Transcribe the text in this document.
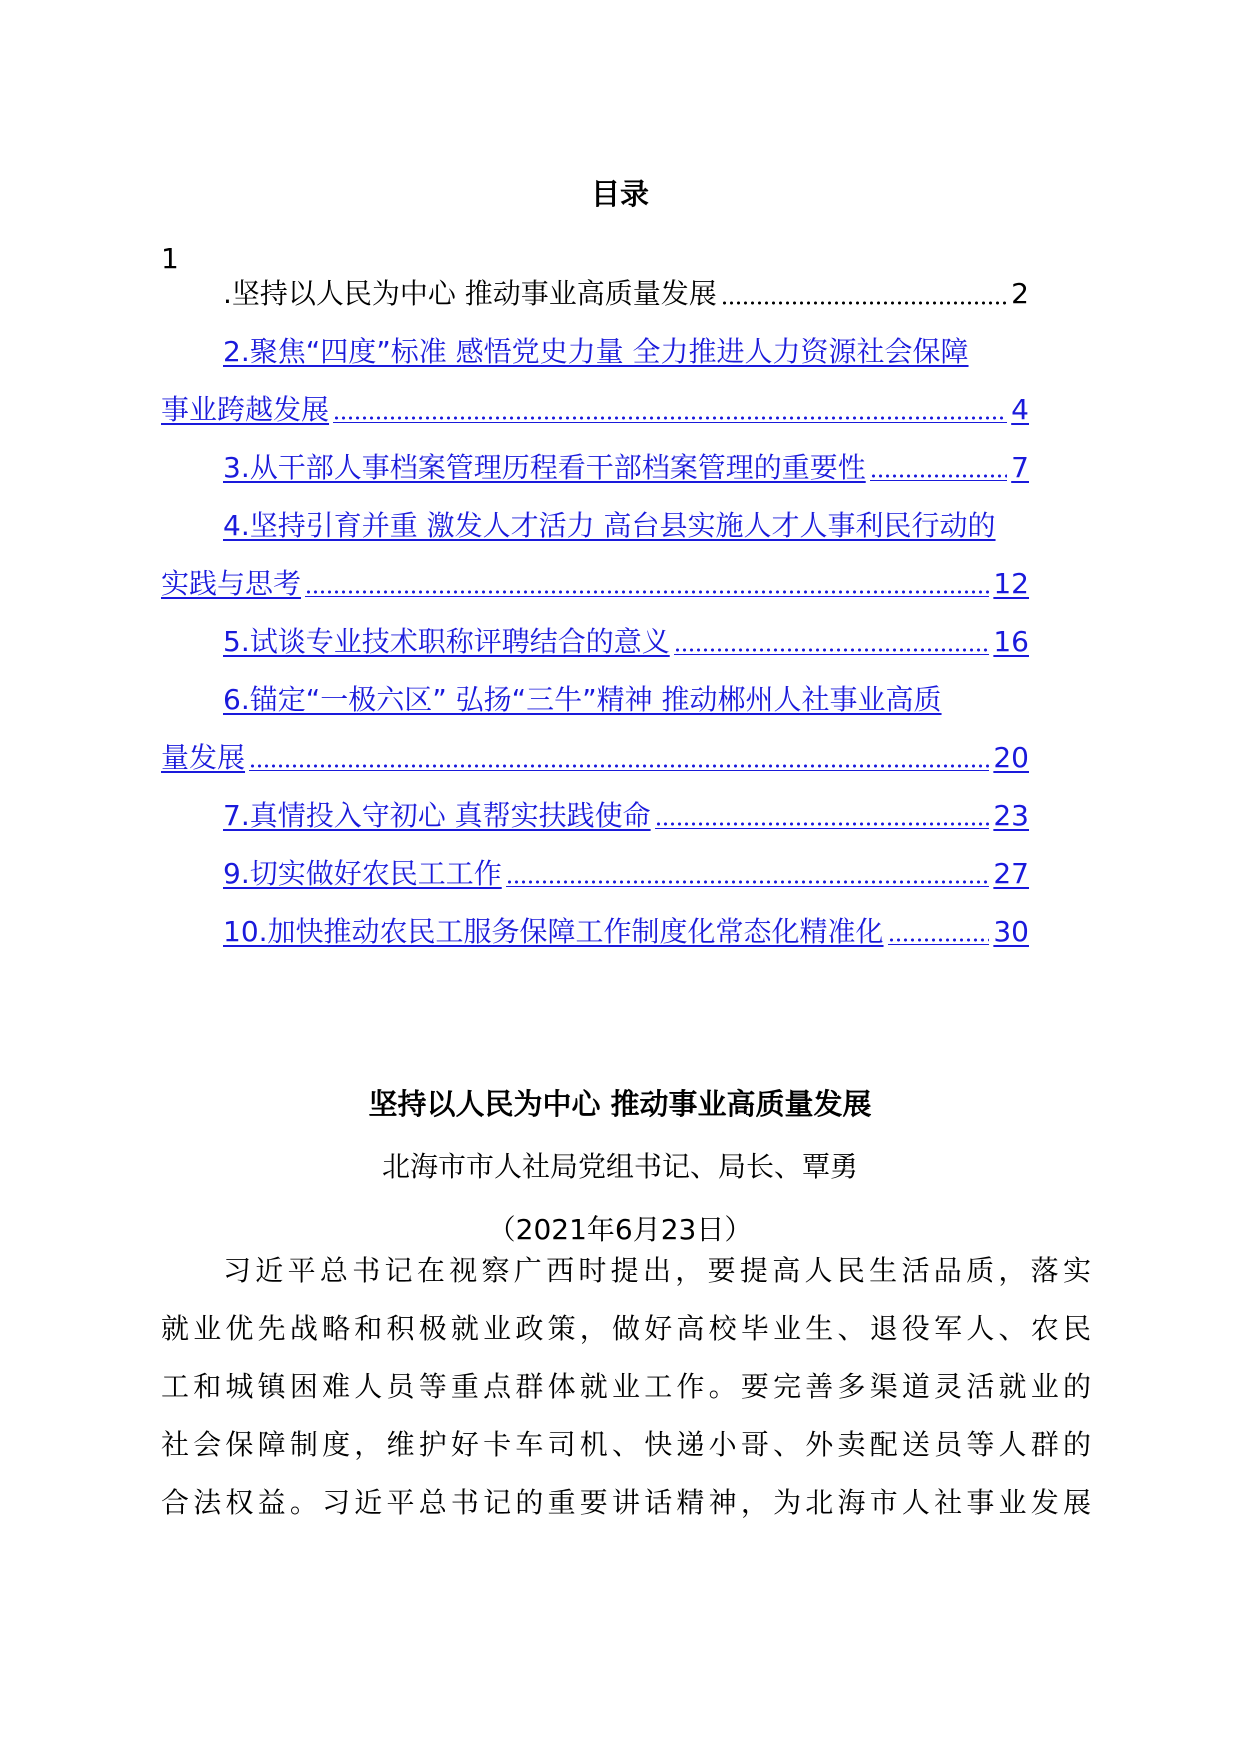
目录
1
.坚持以人民为中心 推动事业高质量发展	2
2.聚焦“四度”标准 感悟党史力量 全力推进人力资源社会保障
事业跨越发展	4
3.从干部人事档案管理历程看干部档案管理的重要性	7
4.坚持引育并重 激发人才活力 高台县实施人才人事利民行动的
实践与思考	12
5.试谈专业技术职称评聘结合的意义	16
6.锚定“一极六区” 弘扬“三牛”精神 推动郴州人社事业高质
量发展	20
7.真情投入守初心 真帮实扶践使命	23
9.切实做好农民工工作	27
10.加快推动农民工服务保障工作制度化常态化精准化	30
坚持以人民为中心 推动事业高质量发展
北海市市人社局党组书记、局长、覃勇
（2021年6月23日）
习近平总书记在视察广西时提出，要提高人民生活品质，落实
就业优先战略和积极就业政策，做好高校毕业生、退役军人、农民
工和城镇困难人员等重点群体就业工作。要完善多渠道灵活就业的
社会保障制度，维护好卡车司机、快递小哥、外卖配送员等人群的
合法权益。习近平总书记的重要讲话精神，为北海市人社事业发展
